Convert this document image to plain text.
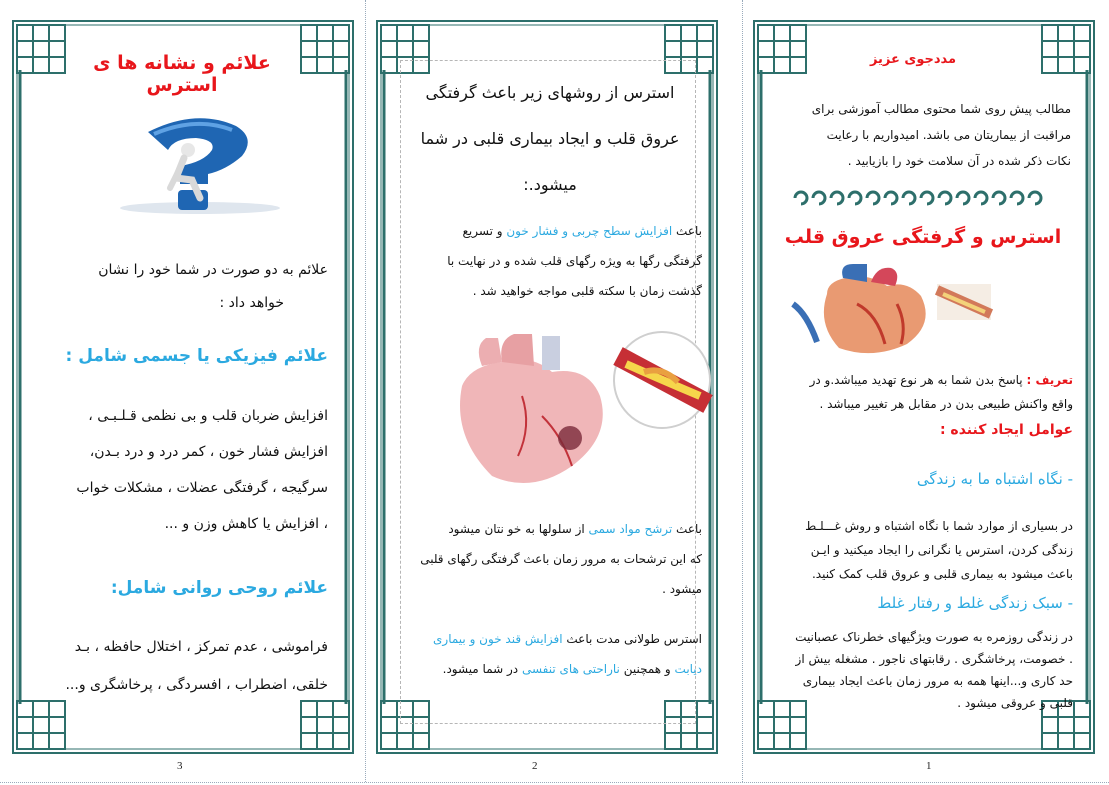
علائم و نشانه ها ی استرس

علائم به دو صورت در شما خود را نشان

خواهد داد :

علائم فیزیکی یا جسمی شامل :

افزایش ضربان قلب و بی نظمی قـلـبـی ،

افزایش فشار خون ، کمر درد و درد بـدن،

سرگیجه ، گرفتگی عضلات ، مشکلات خواب

، افزایش یا کاهش وزن و ...

علائم روحی روانی شامل:

فراموشی ، عدم تمرکز ، اختلال حافظه ، بـد

خلقی، اضطراب ، افسردگی ، پرخاشگری و...

3

استرس از روشهای زیر باعث گرفتگی

عروق قلب و ایجاد بیماری قلبی در شما

میشود.:

باعث افزایش سطح چربی و فشار خون و تسریع

گرفتگی رگها به ویژه رگهای قلب شده و در نهایت با

گذشت زمان با سکته قلبی مواجه خواهید شد .

باعث ترشح مواد سمی از سلولها به خو نتان میشود

که این ترشحات به مرور زمان باعث گرفتگی رگهای قلبی

میشود .

استرس طولانی مدت باعث افزایش قند خون و بیماری

دیابت و همچنین ناراحتی های تنفسی در شما میشود.

2
مددجوی عزیز

مطالب پیش روی شما محتوی مطالب آموزشی برای

مراقبت از بیماریتان می باشد. امیدواریم با رعایت

نکات ذکر شده در آن سلامت خود را بازیابید .

استرس و گرفتگی عروق قلب

تعریف : پاسخ بدن شما به هر نوع تهدید میباشد.و در

واقع واکنش طبیعی بدن در مقابل هر تغییر میباشد .

عوامل ایجاد کننده :
- نگاه اشتباه ما به زندگی

در بسیاری از موارد شما با نگاه اشتباه و روش غـــلـط

زندگی کردن، استرس یا نگرانی را ایجاد میکنید و ایـن

باعث میشود به بیماری قلبی و عروق قلب کمک کنید.

- سبک زندگی غلط و رفتار غلط

در زندگی روزمره به صورت ویژگیهای خطرناک عصبانیت

. خصومت، پرخاشگری . رقابتهای ناجور . مشغله بیش از

حد کاری و...اینها همه به مرور زمان باعث ایجاد بیماری

قلبی و عروقی میشود .

1
